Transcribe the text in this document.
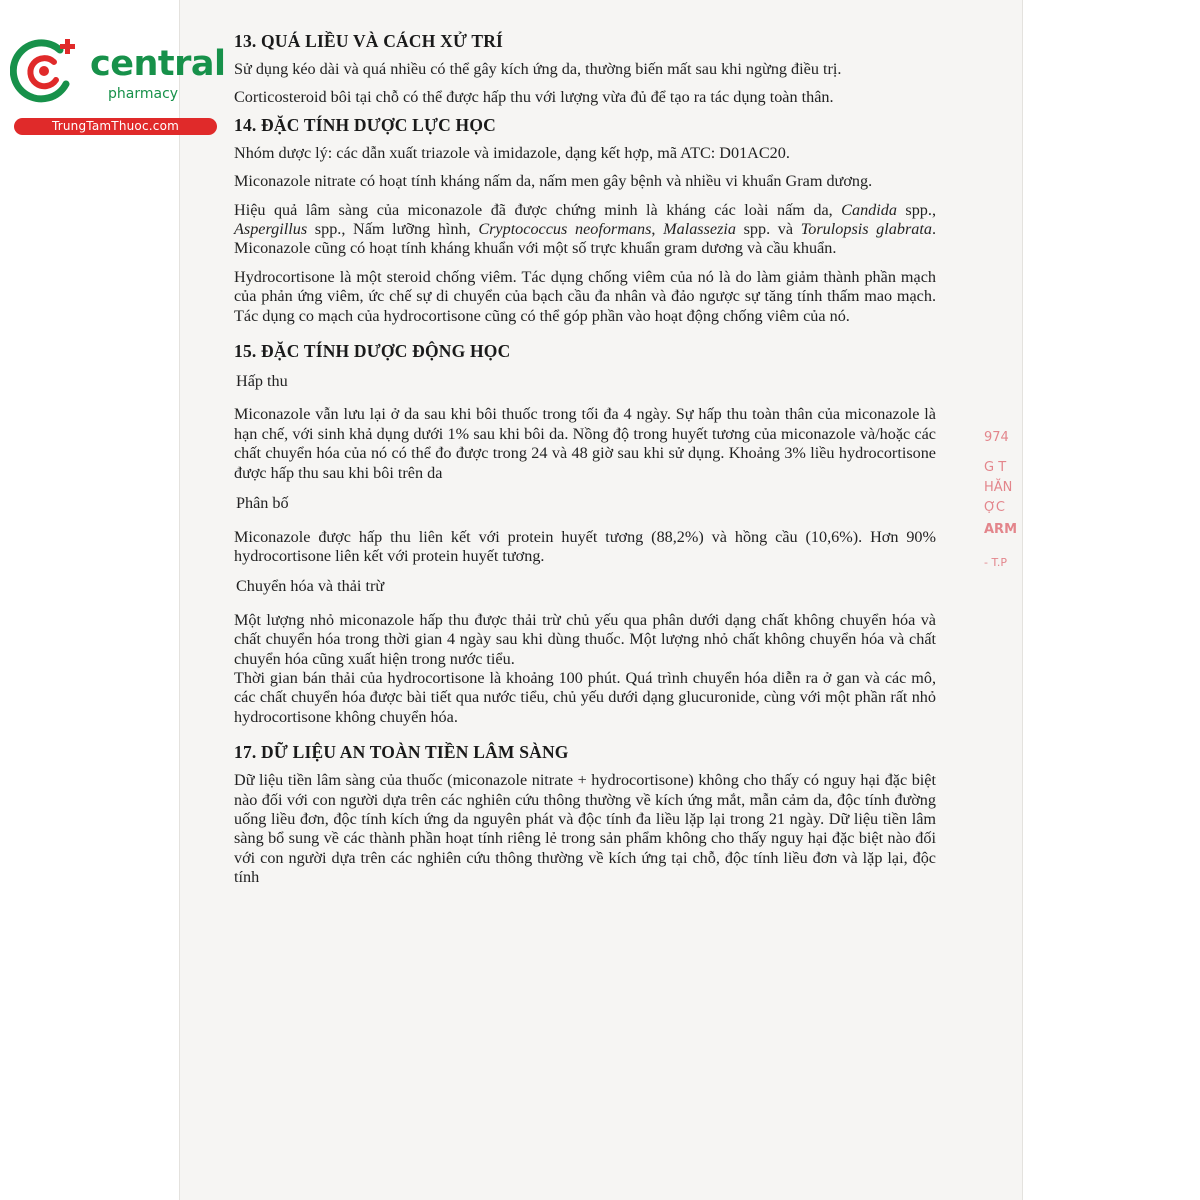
central
pharmacy
TrungTamThuoc.com
974
G T
HĂN
ỢC
ARM
- T.P
13. QUÁ LIỀU VÀ CÁCH XỬ TRÍ

Sử dụng kéo dài và quá nhiều có thể gây kích ứng da, thường biến mất sau khi ngừng điều trị.

Corticosteroid bôi tại chỗ có thể được hấp thu với lượng vừa đủ để tạo ra tác dụng toàn thân.

14. ĐẶC TÍNH DƯỢC LỰC HỌC

Nhóm dược lý: các dẫn xuất triazole và imidazole, dạng kết hợp, mã ATC: D01AC20.

Miconazole nitrate có hoạt tính kháng nấm da, nấm men gây bệnh và nhiều vi khuẩn Gram dương.

Hiệu quả lâm sàng của miconazole đã được chứng minh là kháng các loài nấm da, Candida spp., Aspergillus spp., Nấm lưỡng hình, Cryptococcus neoformans, Malassezia spp. và Torulopsis glabrata. Miconazole cũng có hoạt tính kháng khuẩn với một số trực khuẩn gram dương và cầu khuẩn.

Hydrocortisone là một steroid chống viêm. Tác dụng chống viêm của nó là do làm giảm thành phần mạch của phản ứng viêm, ức chế sự di chuyển của bạch cầu đa nhân và đảo ngược sự tăng tính thấm mao mạch. Tác dụng co mạch của hydrocortisone cũng có thể góp phần vào hoạt động chống viêm của nó.

15. ĐẶC TÍNH DƯỢC ĐỘNG HỌC
Hấp thu

Miconazole vẫn lưu lại ở da sau khi bôi thuốc trong tối đa 4 ngày. Sự hấp thu toàn thân của miconazole là hạn chế, với sinh khả dụng dưới 1% sau khi bôi da. Nồng độ trong huyết tương của miconazole và/hoặc các chất chuyển hóa của nó có thể đo được trong 24 và 48 giờ sau khi sử dụng. Khoảng 3% liều hydrocortisone được hấp thu sau khi bôi trên da

Phân bố

Miconazole được hấp thu liên kết với protein huyết tương (88,2%) và hồng cầu (10,6%). Hơn 90% hydrocortisone liên kết với protein huyết tương.

Chuyển hóa và thải trừ

Một lượng nhỏ miconazole hấp thu được thải trừ chủ yếu qua phân dưới dạng chất không chuyển hóa và chất chuyển hóa trong thời gian 4 ngày sau khi dùng thuốc. Một lượng nhỏ chất không chuyển hóa và chất chuyển hóa cũng xuất hiện trong nước tiểu.

Thời gian bán thải của hydrocortisone là khoảng 100 phút. Quá trình chuyển hóa diễn ra ở gan và các mô, các chất chuyển hóa được bài tiết qua nước tiểu, chủ yếu dưới dạng glucuronide, cùng với một phần rất nhỏ hydrocortisone không chuyển hóa.

17. DỮ LIỆU AN TOÀN TIỀN LÂM SÀNG

Dữ liệu tiền lâm sàng của thuốc (miconazole nitrate + hydrocortisone) không cho thấy có nguy hại đặc biệt nào đối với con người dựa trên các nghiên cứu thông thường về kích ứng mắt, mẫn cảm da, độc tính đường uống liều đơn, độc tính kích ứng da nguyên phát và độc tính đa liều lặp lại trong 21 ngày. Dữ liệu tiền lâm sàng bổ sung về các thành phần hoạt tính riêng lẻ trong sản phẩm không cho thấy nguy hại đặc biệt nào đối với con người dựa trên các nghiên cứu thông thường về kích ứng tại chỗ, độc tính liều đơn và lặp lại, độc tính
